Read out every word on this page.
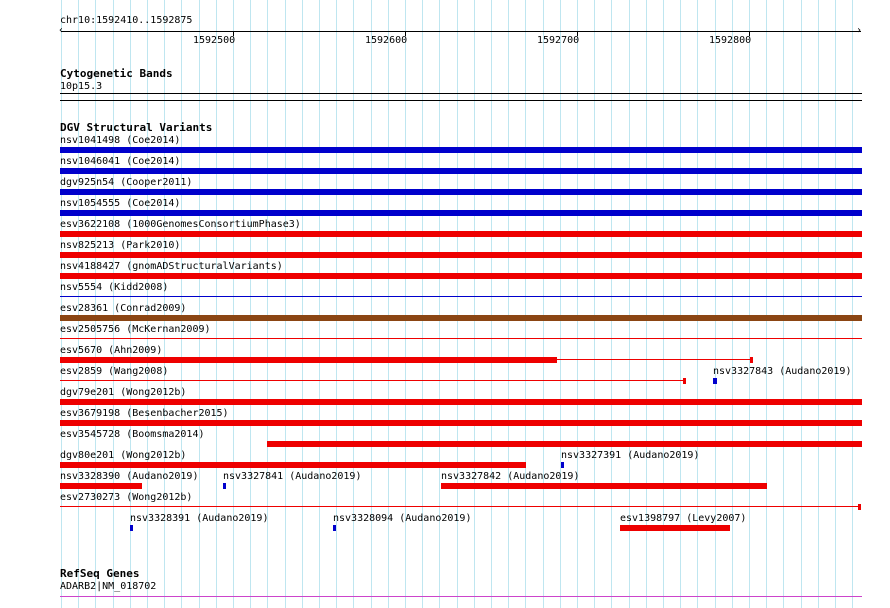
chr10:1592410..1592875
‹	›
1592500	1592600	1592700	1592800
Cytogenetic Bands
10p15.3
DGV Structural Variants
nsv1041498 (Coe2014)
nsv1046041 (Coe2014)
dgv925n54 (Cooper2011)
nsv1054555 (Coe2014)
esv3622108 (1000GenomesConsortiumPhase3)
nsv825213 (Park2010)
nsv4188427 (gnomADStructuralVariants)
nsv5554 (Kidd2008)
esv28361 (Conrad2009)
esv2505756 (McKernan2009)
esv5670 (Ahn2009)
esv2859 (Wang2008)	nsv3327843 (Audano2019)
dgv79e201 (Wong2012b)
esv3679198 (Besenbacher2015)
esv3545728 (Boomsma2014)
dgv80e201 (Wong2012b)	nsv3327391 (Audano2019)
nsv3328390 (Audano2019) nsv3327841 (Audano2019)	nsv3327842 (Audano2019)
esv2730273 (Wong2012b)
nsv3328391 (Audano2019)	nsv3328094 (Audano2019)	esv1398797 (Levy2007)
RefSeq Genes
ADARB2|NM_018702
